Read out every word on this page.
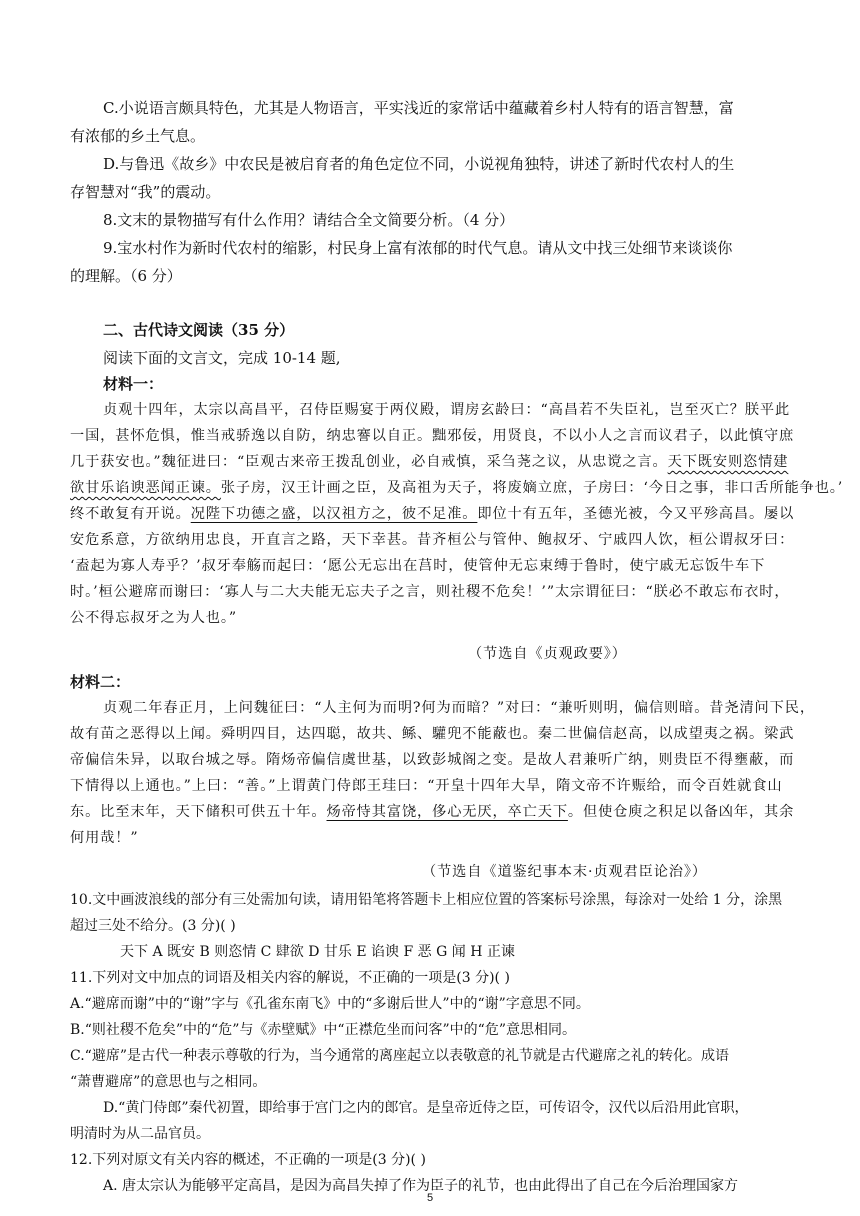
C.小说语言颇具特色，尤其是人物语言，平实浅近的家常话中蕴藏着乡村人特有的语言智慧，富

有浓郁的乡土气息。

D.与鲁迅《故乡》中农民是被启育者的角色定位不同，小说视角独特，讲述了新时代农村人的生

存智慧对“我”的震动。

8.文末的景物描写有什么作用？请结合全文简要分析。（4 分）

9.宝水村作为新时代农村的缩影，村民身上富有浓郁的时代气息。请从文中找三处细节来谈谈你

的理解。（6 分）

二、古代诗文阅读（35 分）

阅读下面的文言文，完成 10-14 题,

材料一：

贞观十四年，太宗以高昌平，召侍臣赐宴于两仪殿，谓房玄龄曰：“高昌若不失臣礼，岂至灭亡？朕平此

一国，甚怀危惧，惟当戒骄逸以自防，纳忠謇以自正。黜邪佞，用贤良，不以小人之言而议君子，以此慎守庶

几于获安也。”魏征进曰：“臣观古来帝王拨乱创业，必自戒慎，采刍荛之议，从忠谠之言。天下既安则恣情建

欲甘乐谄谀恶闻正谏。张子房，汉王计画之臣，及高祖为天子，将废嫡立庶，子房曰：‘今日之事，非口舌所能争也。’

终不敢复有开说。况陛下功德之盛，以汉祖方之，彼不足准。即位十有五年，圣德光被，今又平殄高昌。屡以

安危系意，方欲纳用忠良，开直言之路，天下幸甚。昔齐桓公与管仲、鲍叔牙、宁戚四人饮，桓公谓叔牙曰：

‘盍起为寡人寿乎？’叔牙奉觞而起曰：‘愿公无忘出在莒时，使管仲无忘束缚于鲁时，使宁戚无忘饭牛车下

时。’桓公避席而谢曰：‘寡人与二大夫能无忘夫子之言，则社稷不危矣！’”太宗谓征曰：“朕必不敢忘布衣时，

公不得忘叔牙之为人也。”

（节选自《贞观政要》）

材料二：

贞观二年春正月，上问魏征曰：“人主何为而明?何为而暗？”对曰：“兼听则明，偏信则暗。昔尧清问下民，

故有苗之恶得以上闻。舜明四目，达四聪，故共、鲧、驩兜不能蔽也。秦二世偏信赵高，以成望夷之祸。梁武

帝偏信朱异，以取台城之辱。隋炀帝偏信虞世基，以致彭城阁之变。是故人君兼听广纳，则贵臣不得壅蔽，而

下情得以上通也。”上曰：“善。”上谓黄门侍郎王珪曰：“开皇十四年大旱，隋文帝不许赈给，而令百姓就食山

东。比至末年，天下储积可供五十年。炀帝恃其富饶，侈心无厌，卒亡天下。但使仓庾之积足以备凶年，其余

何用哉！”

（节选自《道鉴纪事本末·贞观君臣论治》）

10.文中画波浪线的部分有三处需加句读，请用铅笔将答题卡上相应位置的答案标号涂黑，每涂对一处给 1 分，涂黑

超过三处不给分。(3 分)( )

天下 A 既安 B 则恣情 C 肆欲 D 甘乐 E 谄谀 F 恶 G 闻 H 正谏

11.下列对文中加点的词语及相关内容的解说，不正确的一项是(3 分)( )

A.“避席而谢”中的“谢”字与《孔雀东南飞》中的“多谢后世人”中的“谢”字意思不同。

B.“则社稷不危矣”中的“危”与《赤壁赋》中“正襟危坐而问客”中的“危”意思相同。

C.“避席”是古代一种表示尊敬的行为，当今通常的离座起立以表敬意的礼节就是古代避席之礼的转化。成语

“萧曹避席”的意思也与之相同。

D.“黄门侍郎”秦代初置，即给事于宫门之内的郎官。是皇帝近侍之臣，可传诏令，汉代以后沿用此官职，

明清时为从二品官员。

12.下列对原文有关内容的概述，不正确的一项是(3 分)( )

A. 唐太宗认为能够平定高昌，是因为高昌失掉了作为臣子的礼节，也由此得出了自己在今后治理国家方

5
